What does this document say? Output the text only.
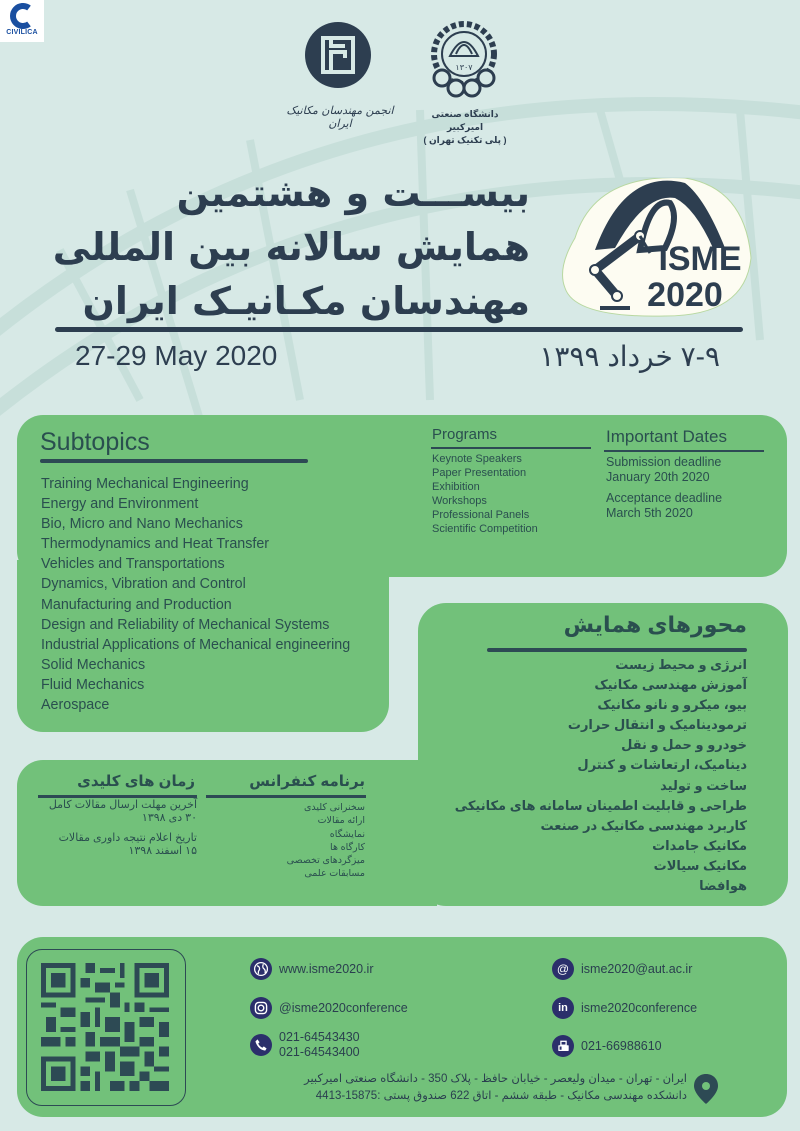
CIVILICA
انجمن مهندسان مکانیک ایران
۱۳۰۷
دانشگاه صنعتی امیرکبیر
( پلی تکنیک تهران )
بیســـت و هشتمین
همایش سالانه بین المللی
مهندسان مکـانیـک ایران
ISME
2020
27-29 May 2020	۷-۹ خرداد ۱۳۹۹
Subtopics
Training Mechanical Engineering
Energy and Environment
Bio, Micro and Nano Mechanics
Thermodynamics and Heat Transfer
Vehicles and Transportations
Dynamics, Vibration and Control
Manufacturing and Production
Design and Reliability of Mechanical Systems
Industrial Applications of Mechanical engineering
Solid Mechanics
Fluid Mechanics
Aerospace
Programs
Keynote Speakers
Paper Presentation
Exhibition
Workshops
Professional Panels
Scientific Competition
Important Dates
Submission deadline
January 20th 2020
Acceptance deadline
March 5th 2020
محورهای همایش
انرژی و محیط زیست
آموزش مهندسی مکانیک
بیو، میکرو و نانو مکانیک
ترمودینامیک و انتقال حرارت
خودرو و حمل و نقل
دینامیک، ارتعاشات و کنترل
ساخت و تولید
طراحی و قابلیت اطمینان سامانه های مکانیکی
کاربرد مهندسی مکانیک در صنعت
مکانیک جامدات
مکانیک سیالات
هوافضا
زمان های کلیدی
آخرین مهلت ارسال مقالات کامل
۳۰ دی ۱۳۹۸
تاریخ اعلام نتیجه داوری مقالات
۱۵ اسفند ۱۳۹۸
برنامه کنفرانس
سخنرانی کلیدی
ارائه مقالات
نمایشگاه
کارگاه ها
میزگردهای تخصصی
مسابقات علمی
www.isme2020.ir
@isme2020conference
021-64543430
021-64543400
@ isme2020@aut.ac.ir
in	isme2020conference
021-66988610
ایران - تهران - میدان ولیعصر - خیابان حافظ - پلاک 350 - دانشگاه صنعتی امیرکبیر
دانشکده مهندسی مکانیک - طبقه ششم - اتاق 622 صندوق پستی :15875-4413
